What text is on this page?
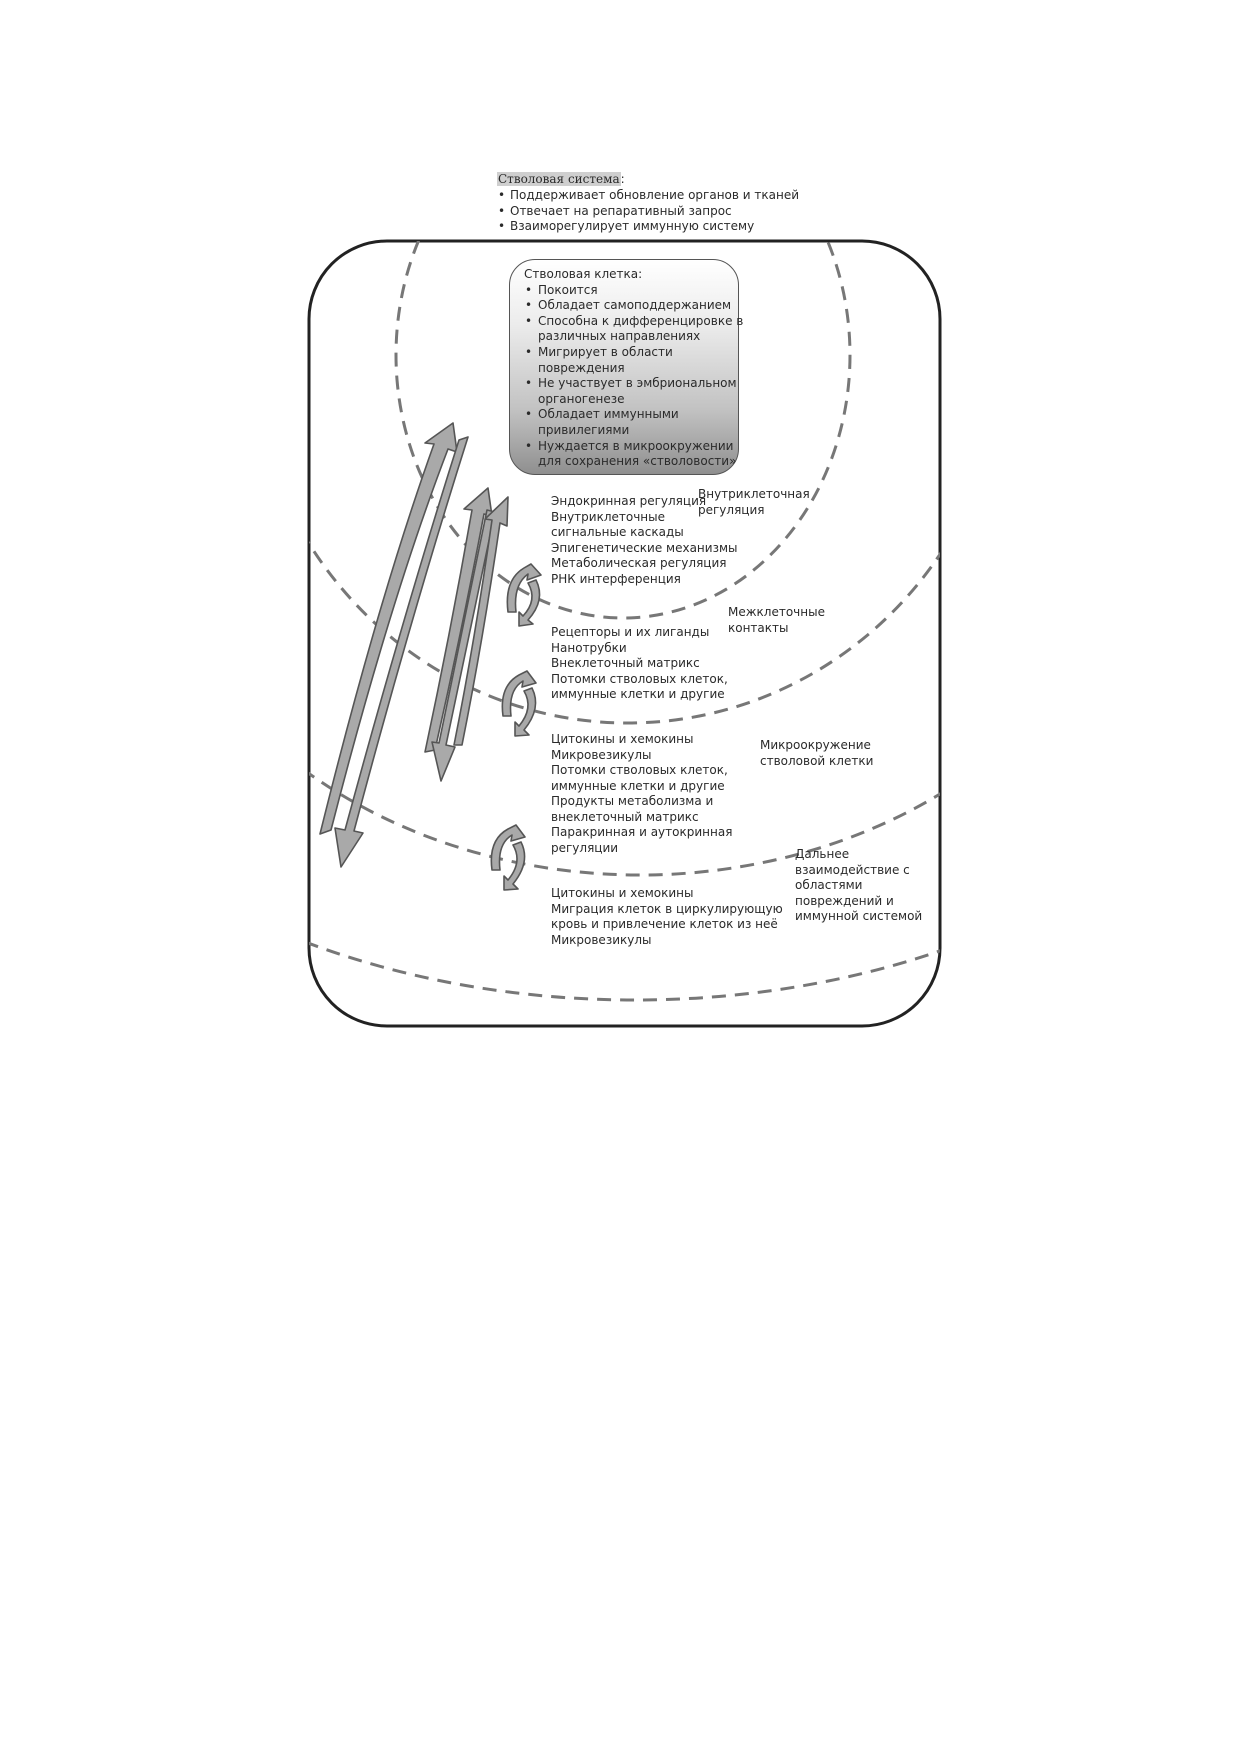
Стволовая система:
• Поддерживает обновление органов и тканей
• Отвечает на репаративный запрос
• Взаиморегулирует иммунную систему
Стволовая клетка:
• Покоится
• Обладает самоподдержанием
• Способна к дифференцировке в
различных направлениях
• Мигрирует в области
повреждения
• Не участвует в эмбриональном
органогенезе
• Обладает иммунными
привилегиями
• Нуждается в микроокружении
для сохранения «стволовости»
Эндокринная регуляция
Внутриклеточные
сигнальные каскады
Эпигенетические механизмы
Метаболическая регуляция
РНК интерференция
Внутриклеточная
регуляция
Рецепторы и их лиганды
Нанотрубки
Внеклеточный матрикс
Потомки стволовых клеток,
иммунные клетки и другие
Межклеточные
контакты
Цитокины и хемокины
Микровезикулы
Потомки стволовых клеток,
иммунные клетки и другие
Продукты метаболизма и
внеклеточный матрикс
Паракринная и аутокринная
регуляции
Микроокружение
стволовой клетки
Цитокины и хемокины
Миграция клеток в циркулирующую
кровь и привлечение клеток из неё
Микровезикулы
Дальнее
взаимодействие с
областями
повреждений и
иммунной системой
